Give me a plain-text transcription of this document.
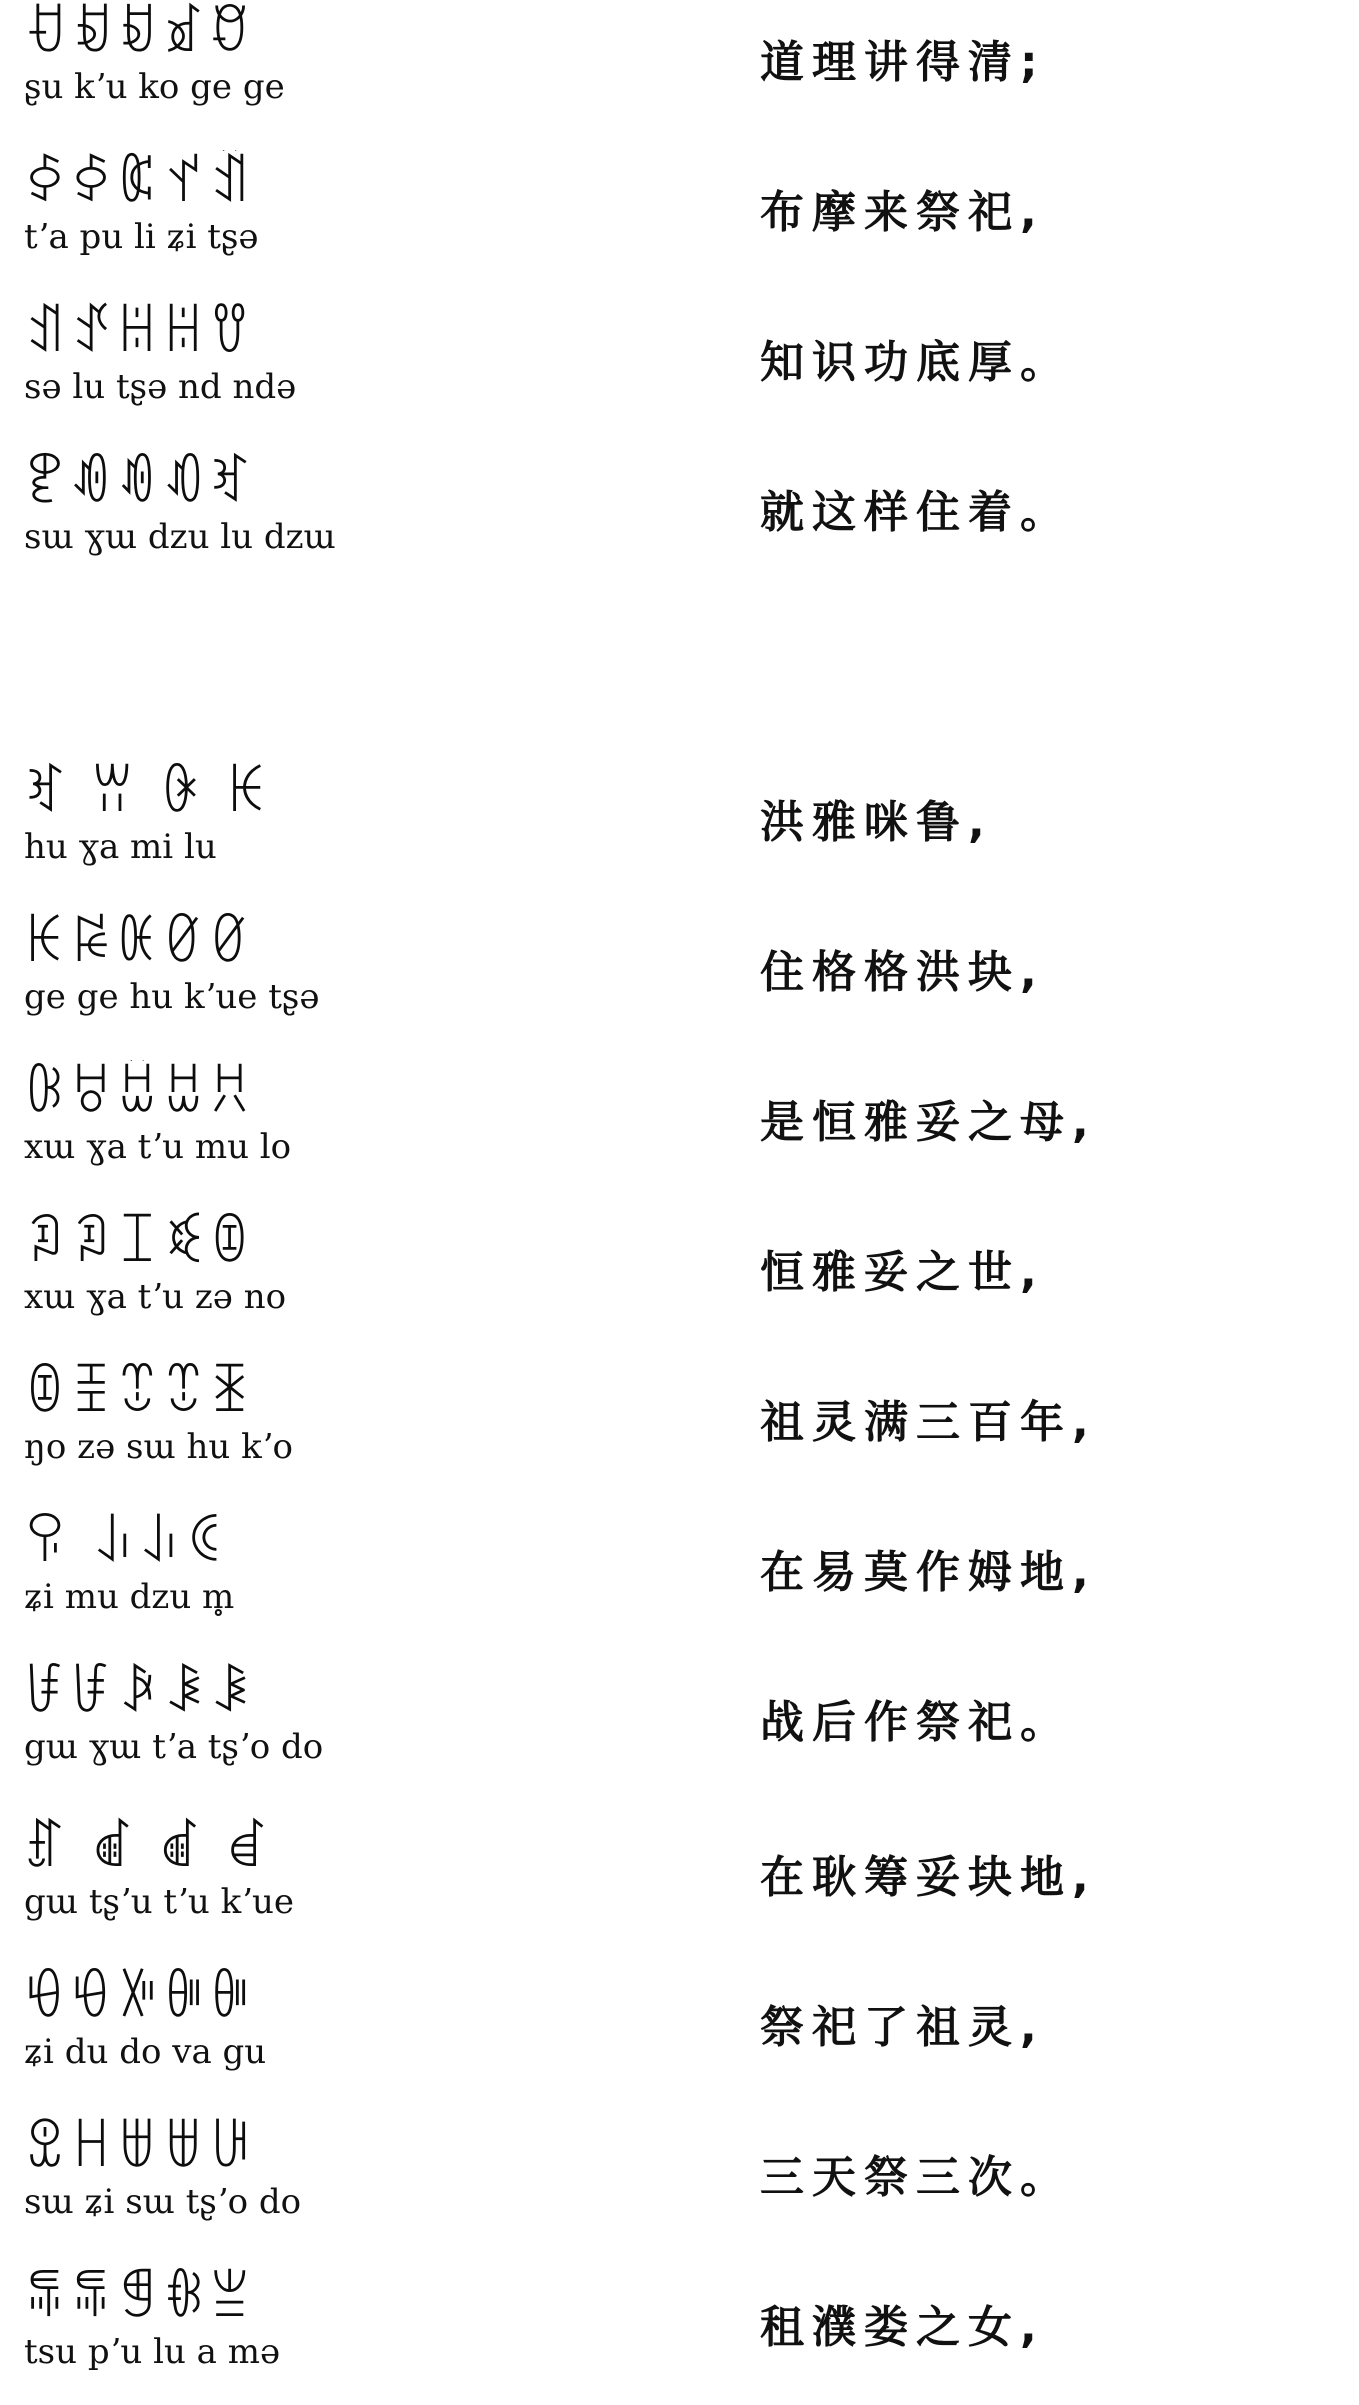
ꀀꀁꀂꀃꀄ
ʂu kʼu ko ge ge	道理讲得清;
ꀅꀆꀇꀈꀉ
tʼa pu li ʑi tʂə	布摩来祭祀,
ꀊꀋꀌꀍꀎ
sə lu tʂə nd ndə	知识功底厚。
ꀏꀐꀑꀒꀓ
sɯ ɣɯ dzu lu dzɯ	就这样住着。
ꀔ ꀕ ꀖ ꀗ
hu ɣa mi lu	洪雅咪鲁,
ꀘꀙꀚꀛꀜ
ge ge hu kʼue tʂə	住格格洪块,
ꀝꀞꀟꀠꀡ
xɯ ɣa tʼu mu lo	是恒雅妥之母,
ꀢꀣꀤꀥꀦ
xɯ ɣa tʼu zə no	恒雅妥之世,
ꀧꀨꀩꀪꀫ
ŋo zə sɯ hu kʼo	祖灵满三百年,
ꀬ ꀭꀮꀯ
ʑi mu dzu m̥	在易莫作姆地,
ꀰꀱꀲꀳꀴ
gɯ ɣɯ tʼa tʂʼo do	战后作祭祀。
ꀵ ꀶ ꀷ ꀸ
gɯ tʂʼu tʼu kʼue	在耿筹妥块地,
ꀹꀺꀻꀼꀽ
ʑi du do va gu	祭祀了祖灵,
ꀾꀿꁀꁁꁂ
sɯ ʑi sɯ tʂʼo do	三天祭三次。
ꁃꁄꁅꁆꁇ
tsu pʼu lu a mə	租濮娄之女,
